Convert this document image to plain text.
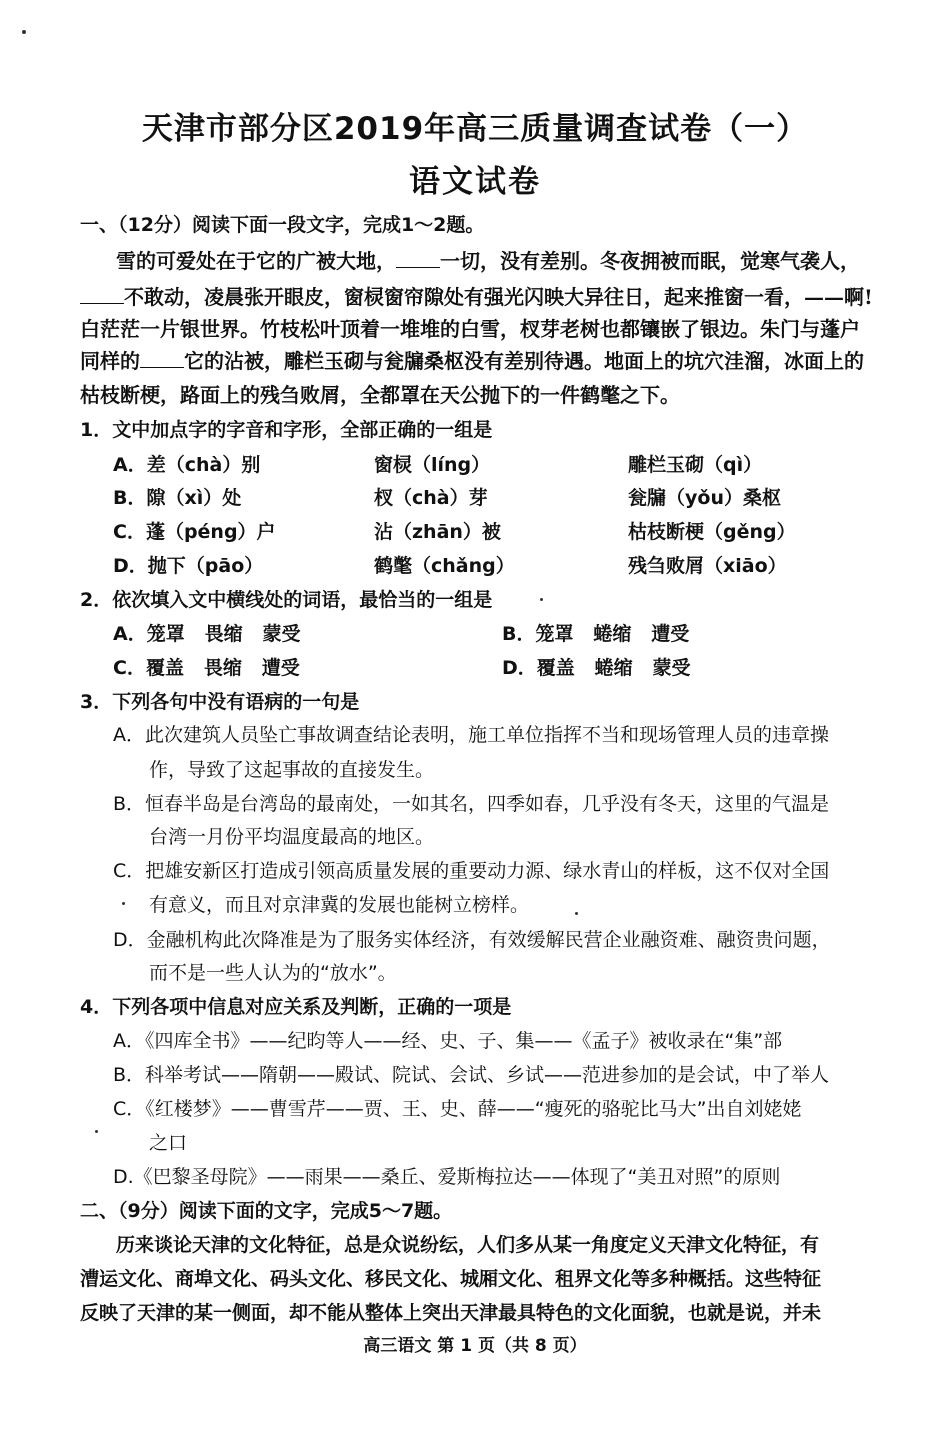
天津市部分区2019年高三质量调查试卷（一）
语文试卷
一、（12分）阅读下面一段文字，完成1～2题。
雪的可爱处在于它的广被大地， 一切，没有差别。冬夜拥被而眠，觉寒气袭人，
不敢动，凌晨张开眼皮，窗棂窗帘隙处有强光闪映大异往日，起来推窗一看，——啊!
白茫茫一片银世界。竹枝松叶顶着一堆堆的白雪，杈芽老树也都镶嵌了银边。朱门与蓬户
同样的 它的沾被，雕栏玉砌与瓮牖桑枢没有差别待遇。地面上的坑穴洼溜，冰面上的
枯枝断梗，路面上的残刍败屑，全都罩在天公抛下的一件鹤氅之下。
1．文中加点字的字音和字形，全部正确的一组是
A．差（chà）别	窗棂（líng）	雕栏玉砌（qì）
B．隙（xì）处	杈（chà）芽	瓮牖（yǒu）桑枢
C．蓬（péng）户	沾（zhān）被	枯枝断梗（gěng）
D．抛下（pāo）	鹤氅（chǎng）	残刍败屑（xiāo）
2．依次填入文中横线处的词语，最恰当的一组是
A．笼罩 畏缩 蒙受	B．笼罩 蜷缩 遭受
C．覆盖 畏缩 遭受	D．覆盖 蜷缩 蒙受
3．下列各句中没有语病的一句是
A．此次建筑人员坠亡事故调查结论表明，施工单位指挥不当和现场管理人员的违章操
作，导致了这起事故的直接发生。
B．恒春半岛是台湾岛的最南处，一如其名，四季如春，几乎没有冬天，这里的气温是
台湾一月份平均温度最高的地区。
C．把雄安新区打造成引领高质量发展的重要动力源、绿水青山的样板，这不仅对全国
有意义，而且对京津冀的发展也能树立榜样。
D．金融机构此次降准是为了服务实体经济，有效缓解民营企业融资难、融资贵问题，
而不是一些人认为的“放水”。
4．下列各项中信息对应关系及判断，正确的一项是
A．《四库全书》——纪昀等人——经、史、子、集——《孟子》被收录在“集”部
B．科举考试——隋朝——殿试、院试、会试、乡试——范进参加的是会试，中了举人
C．《红楼梦》——曹雪芹——贾、王、史、薛——“瘦死的骆驼比马大”出自刘姥姥
之口
D.《巴黎圣母院》——雨果——桑丘、爱斯梅拉达——体现了“美丑对照”的原则
二、（9分）阅读下面的文字，完成5～7题。
历来谈论天津的文化特征，总是众说纷纭，人们多从某一角度定义天津文化特征，有
漕运文化、商埠文化、码头文化、移民文化、城厢文化、租界文化等多种概括。这些特征
反映了天津的某一侧面，却不能从整体上突出天津最具特色的文化面貌，也就是说，并未
高三语文 第 1 页（共 8 页）
